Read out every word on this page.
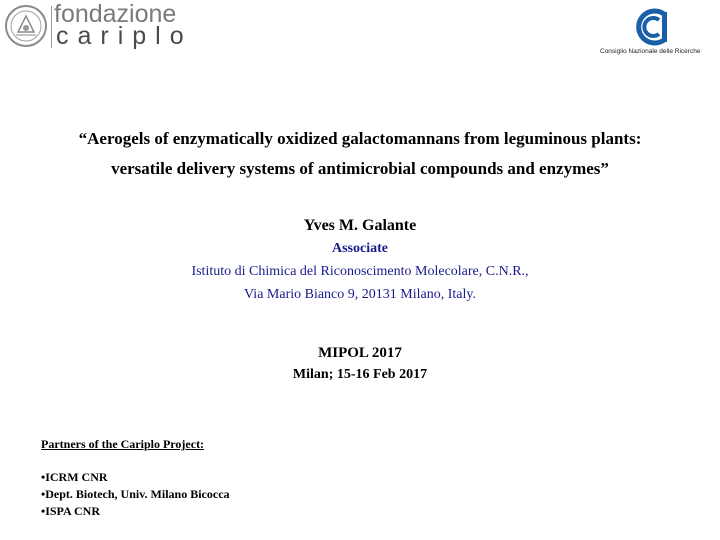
fondazione
cariplo
Consiglio Nazionale delle Ricerche
“Aerogels of enzymatically oxidized galactomannans from leguminous plants:
versatile delivery systems of antimicrobial compounds and enzymes”
Yves M. Galante
Associate
Istituto di Chimica del Riconoscimento Molecolare, C.N.R.,
Via Mario Bianco 9, 20131 Milano, Italy.
MIPOL 2017
Milan; 15-16 Feb 2017
Partners of the Cariplo Project:
•ICRM CNR
•Dept. Biotech, Univ. Milano Bicocca
•ISPA CNR
